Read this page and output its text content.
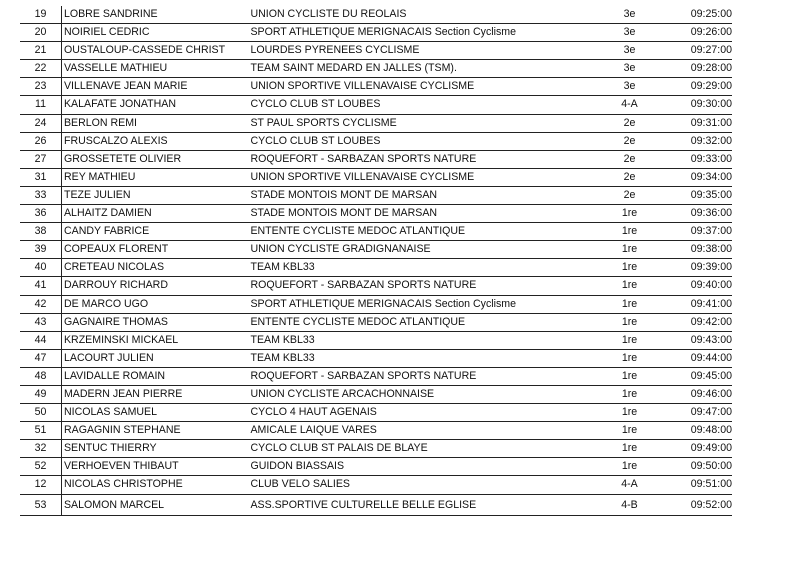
19	LOBRE SANDRINE	UNION CYCLISTE DU REOLAIS	3e	09:25:00
20	NOIRIEL CEDRIC	SPORT ATHLETIQUE MERIGNACAIS Section Cyclisme	3e	09:26:00
21	OUSTALOUP-CASSEDE CHRIST	LOURDES PYRENEES CYCLISME	3e	09:27:00
22	VASSELLE MATHIEU	TEAM SAINT MEDARD EN JALLES (TSM).	3e	09:28:00
23	VILLENAVE JEAN MARIE	UNION SPORTIVE VILLENAVAISE CYCLISME	3e	09:29:00
11	KALAFATE JONATHAN	CYCLO CLUB ST LOUBES	4-A	09:30:00
24	BERLON REMI	ST PAUL SPORTS CYCLISME	2e	09:31:00
26	FRUSCALZO ALEXIS	CYCLO CLUB ST LOUBES	2e	09:32:00
27	GROSSETETE OLIVIER	ROQUEFORT - SARBAZAN SPORTS NATURE	2e	09:33:00
31	REY MATHIEU	UNION SPORTIVE VILLENAVAISE CYCLISME	2e	09:34:00
33	TEZE JULIEN	STADE MONTOIS MONT DE MARSAN	2e	09:35:00
36	ALHAITZ DAMIEN	STADE MONTOIS MONT DE MARSAN	1re	09:36:00
38	CANDY FABRICE	ENTENTE CYCLISTE MEDOC ATLANTIQUE	1re	09:37:00
39	COPEAUX FLORENT	UNION CYCLISTE GRADIGNANAISE	1re	09:38:00
40	CRETEAU NICOLAS	TEAM KBL33	1re	09:39:00
41	DARROUY RICHARD	ROQUEFORT - SARBAZAN SPORTS NATURE	1re	09:40:00
42	DE MARCO UGO	SPORT ATHLETIQUE MERIGNACAIS Section Cyclisme	1re	09:41:00
43	GAGNAIRE THOMAS	ENTENTE CYCLISTE MEDOC ATLANTIQUE	1re	09:42:00
44	KRZEMINSKI MICKAEL	TEAM KBL33	1re	09:43:00
47	LACOURT JULIEN	TEAM KBL33	1re	09:44:00
48	LAVIDALLE ROMAIN	ROQUEFORT - SARBAZAN SPORTS NATURE	1re	09:45:00
49	MADERN JEAN PIERRE	UNION CYCLISTE ARCACHONNAISE	1re	09:46:00
50	NICOLAS SAMUEL	CYCLO 4 HAUT AGENAIS	1re	09:47:00
51	RAGAGNIN STEPHANE	AMICALE LAIQUE VARES	1re	09:48:00
32	SENTUC THIERRY	CYCLO CLUB ST PALAIS DE BLAYE	1re	09:49:00
52	VERHOEVEN THIBAUT	GUIDON BIASSAIS	1re	09:50:00
12	NICOLAS CHRISTOPHE	CLUB VELO SALIES	4-A	09:51:00
53	SALOMON MARCEL	ASS.SPORTIVE CULTURELLE BELLE EGLISE	4-B	09:52:00
